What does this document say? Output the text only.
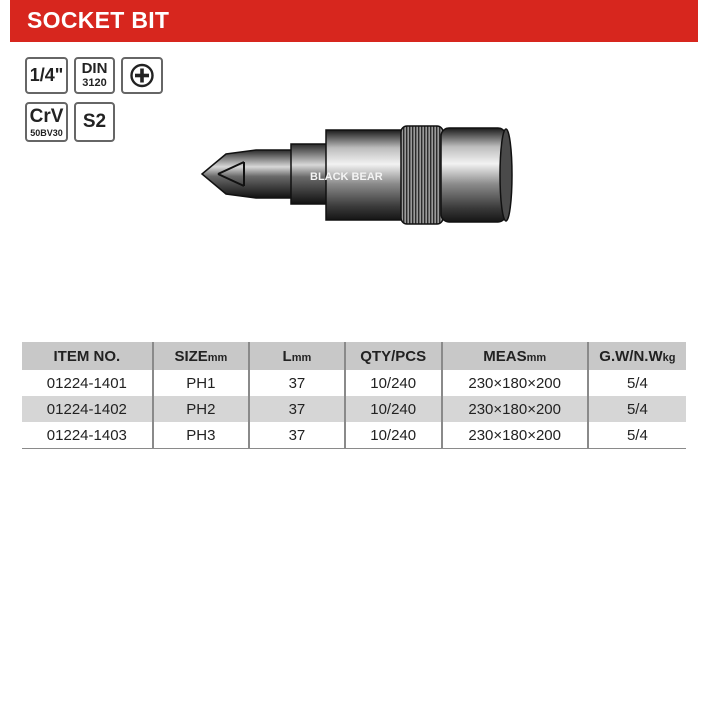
SOCKET BIT
1/4"	DIN
3120
CrV
50BV30
S2
BLACK BEAR
ITEM NO.	SIZEmm	Lmm	QTY/PCS	MEASmm	G.W/N.Wkg
01224-1401	PH1	37	10/240	230×180×200	5/4
01224-1402	PH2	37	10/240	230×180×200	5/4
01224-1403	PH3	37	10/240	230×180×200	5/4
